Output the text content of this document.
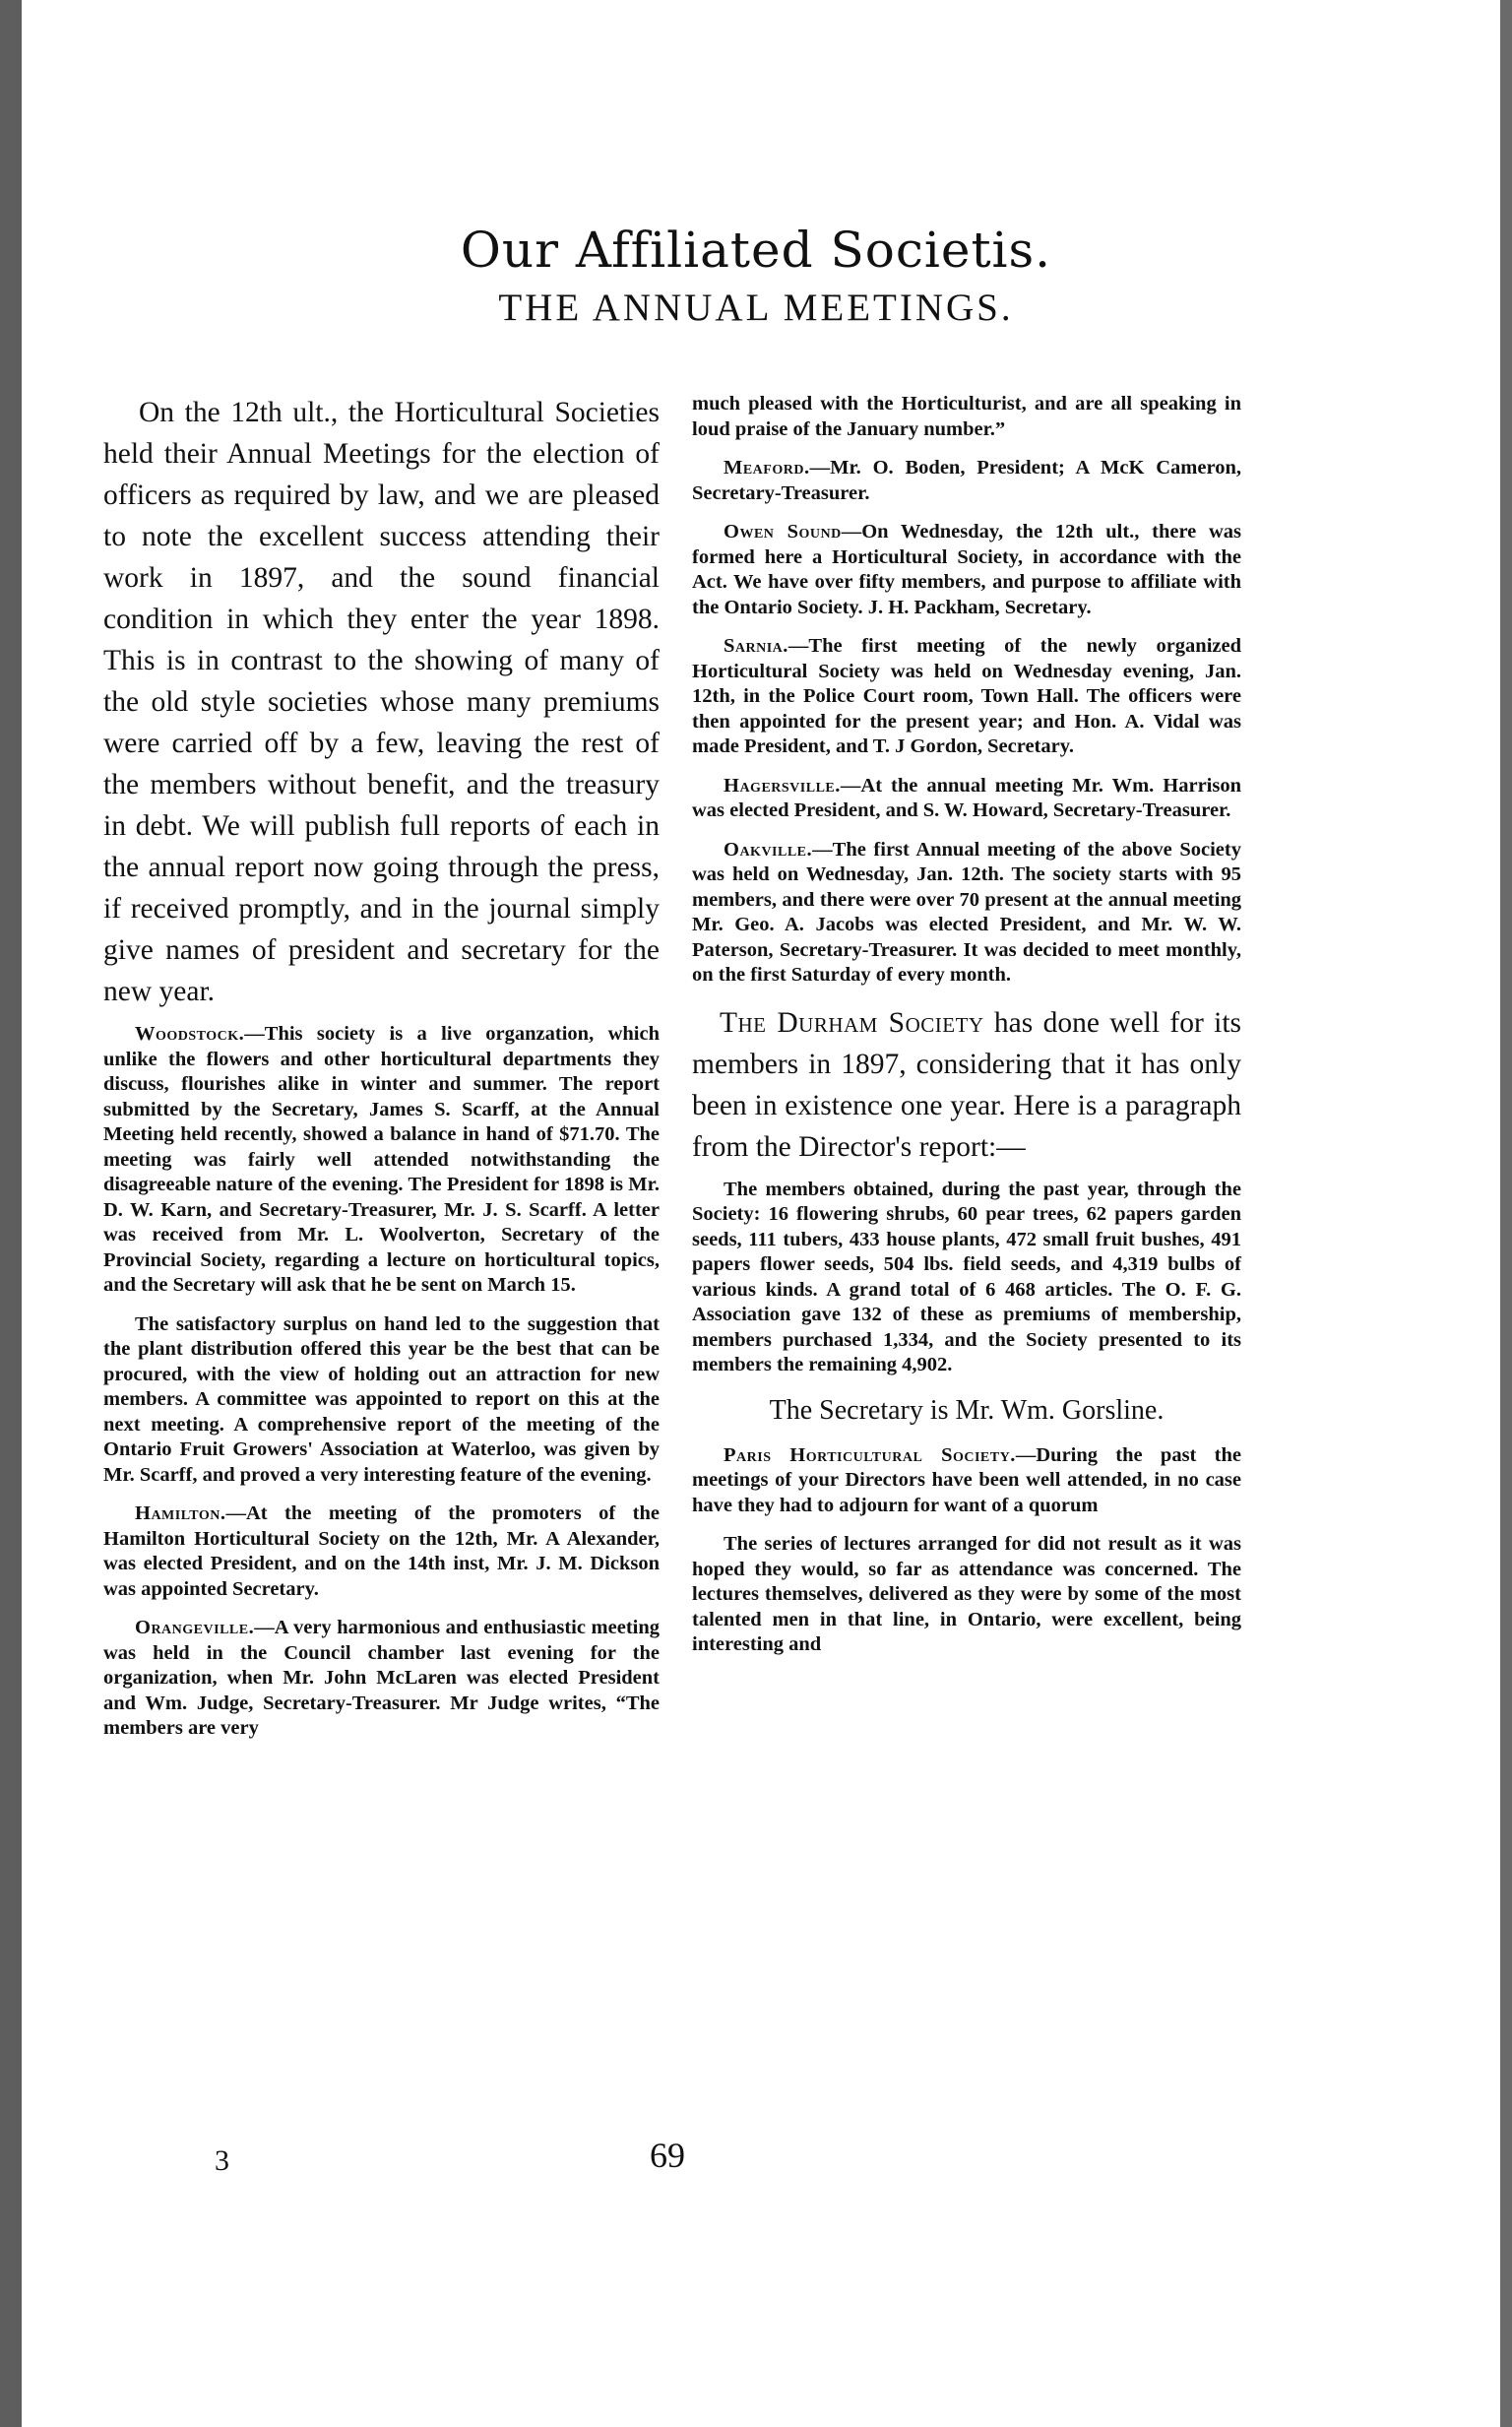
Our Affiliated Societis.
THE ANNUAL MEETINGS.

On the 12th ult., the Horticultural Societies held their Annual Meetings for the election of officers as required by law, and we are pleased to note the excellent success attending their work in 1897, and the sound financial condition in which they enter the year 1898. This is in contrast to the showing of many of the old style societies whose many premiums were carried off by a few, leaving the rest of the members without benefit, and the treasury in debt. We will publish full reports of each in the annual report now going through the press, if received promptly, and in the journal simply give names of president and secretary for the new year.

Woodstock.—This society is a live organzation, which unlike the flowers and other horticultural departments they discuss, flourishes alike in winter and summer. The report submitted by the Secretary, James S. Scarff, at the Annual Meeting held recently, showed a balance in hand of $71.70. The meeting was fairly well attended notwithstanding the disagreeable nature of the evening. The President for 1898 is Mr. D. W. Karn, and Secretary-Treasurer, Mr. J. S. Scarff. A letter was received from Mr. L. Woolverton, Secretary of the Provincial Society, regarding a lecture on horticultural topics, and the Secretary will ask that he be sent on March 15.

The satisfactory surplus on hand led to the suggestion that the plant distribution offered this year be the best that can be procured, with the view of holding out an attraction for new members. A committee was appointed to report on this at the next meeting. A comprehensive report of the meeting of the Ontario Fruit Growers' Association at Waterloo, was given by Mr. Scarff, and proved a very interesting feature of the evening.

Hamilton.—At the meeting of the promoters of the Hamilton Horticultural Society on the 12th, Mr. A Alexander, was elected President, and on the 14th inst, Mr. J. M. Dickson was appointed Secretary.

Orangeville.—A very harmonious and enthusiastic meeting was held in the Council chamber last evening for the organization, when Mr. John McLaren was elected President and Wm. Judge, Secretary-Treasurer. Mr Judge writes, “The members are very

much pleased with the Horticulturist, and are all speaking in loud praise of the January number.”

Meaford.—Mr. O. Boden, President; A McK Cameron, Secretary-Treasurer.

Owen Sound—On Wednesday, the 12th ult., there was formed here a Horticultural Society, in accordance with the Act. We have over fifty members, and purpose to affiliate with the Ontario Society. J. H. Packham, Secretary.

Sarnia.—The first meeting of the newly organized Horticultural Society was held on Wednesday evening, Jan. 12th, in the Police Court room, Town Hall. The officers were then appointed for the present year; and Hon. A. Vidal was made President, and T. J Gordon, Secretary.

Hagersville.—At the annual meeting Mr. Wm. Harrison was elected President, and S. W. Howard, Secretary-Treasurer.

Oakville.—The first Annual meeting of the above Society was held on Wednesday, Jan. 12th. The society starts with 95 members, and there were over 70 present at the annual meeting Mr. Geo. A. Jacobs was elected President, and Mr. W. W. Paterson, Secretary-Treasurer. It was decided to meet monthly, on the first Saturday of every month.

The Durham Society has done well for its members in 1897, considering that it has only been in existence one year. Here is a paragraph from the Director's report:—

The members obtained, during the past year, through the Society: 16 flowering shrubs, 60 pear trees, 62 papers garden seeds, 111 tubers, 433 house plants, 472 small fruit bushes, 491 papers flower seeds, 504 lbs. field seeds, and 4,319 bulbs of various kinds. A grand total of 6 468 articles. The O. F. G. Association gave 132 of these as premiums of membership, members purchased 1,334, and the Society presented to its members the remaining 4,902.

The Secretary is Mr. Wm. Gorsline.

Paris Horticultural Society.—During the past the meetings of your Directors have been well attended, in no case have they had to adjourn for want of a quorum

The series of lectures arranged for did not result as it was hoped they would, so far as attendance was concerned. The lectures themselves, delivered as they were by some of the most talented men in that line, in Ontario, were excellent, being interesting and

3	69
